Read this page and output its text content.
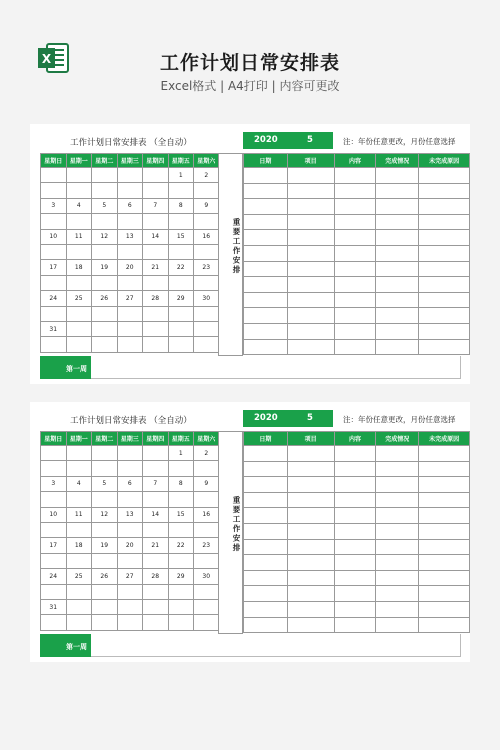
X	工作计划日常安排表
Excel格式 | A4打印 | 内容可更改
工作计划日常安排表 （全自动）	2020	5	注：年份任意更改，月份任意选择
星期日	星期一	星期二	星期三	星期四	星期五	星期六
					1	2

3	4	5	6	7	8	9

10	11	12	13	14	15	16

17	18	19	20	21	22	23

24	25	26	27	28	29	30

31						

重要工作安排
日期	项目	内容	完成情况	未完成原因

第一周
工作计划日常安排表 （全自动）	2020	5	注：年份任意更改，月份任意选择
星期日	星期一	星期二	星期三	星期四	星期五	星期六
					1	2

3	4	5	6	7	8	9

10	11	12	13	14	15	16

17	18	19	20	21	22	23

24	25	26	27	28	29	30

31						

重要工作安排
日期	项目	内容	完成情况	未完成原因

第一周
